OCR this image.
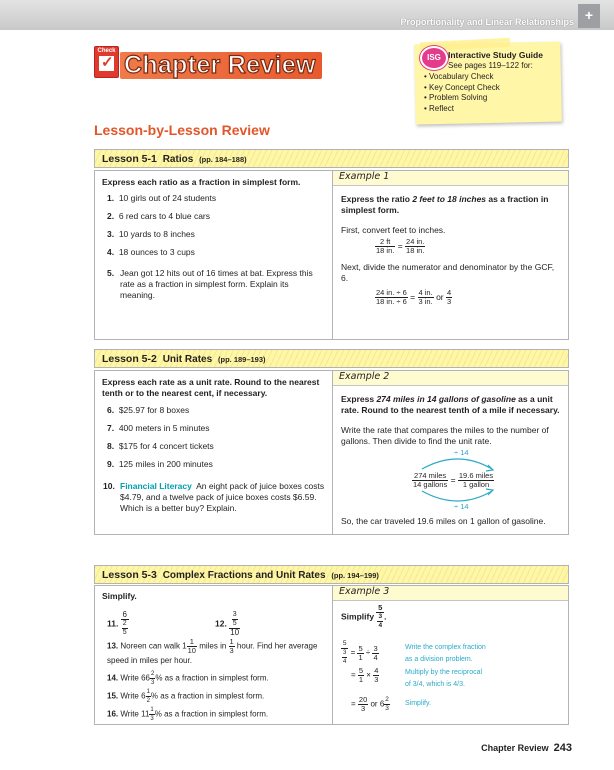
Proportionality and Linear Relationships +
Check
✓ Chapter Review	ISG Interactive Study Guide
See pages 119–122 for:
• Vocabulary Check
• Key Concept Check
• Problem Solving
• Reflect
Lesson-by-Lesson Review
Lesson 5-1 Ratios (pp. 184–188)
Example 1
Express each ratio as a fraction in simplest form.
1. 10 girls out of 24 students
2. 6 red cars to 4 blue cars
3. 10 yards to 8 inches
4. 18 ounces to 3 cups
5. Jean got 12 hits out of 16 times at bat. Express this rate as a fraction in simplest form. Explain its meaning.
Express the ratio 2 feet to 18 inches as a fraction in simplest form.
First, convert feet to inches.
$\frac{2 ft}{18 in.} = \frac{24 in.}{18 in.}$
Next, divide the numerator and denominator by the GCF, 6.
$\frac{24 in. \div 6}{18 in. \div 6} = \frac{4 in.}{3 in.}$ or $\frac{4}{3}$
Lesson 5-2 Unit Rates (pp. 189–193)
Example 2
Express each rate as a unit rate. Round to the nearest tenth or to the nearest cent, if necessary.
6. $25.97 for 8 boxes
7. 400 meters in 5 minutes
8. $175 for 4 concert tickets
9. 125 miles in 200 minutes
10. Financial Literacy An eight pack of juice boxes costs $4.79, and a twelve pack of juice boxes costs $6.59. Which is a better buy? Explain.
Express 274 miles in 14 gallons of gasoline as a unit rate. Round to the nearest tenth of a mile if necessary.
Write the rate that compares the miles to the number of gallons. Then divide to find the unit rate.
÷ 14
$\frac{\text{274 miles}}{\text{14 gallons}} = \frac{\text{19.6 miles}}{\text{1 gallon}}$
÷ 14
So, the car traveled 19.6 miles on 1 gallon of gasoline.
Lesson 5-3 Complex Fractions and Unit Rates (pp. 194–199)
Example 3
Simplify.
11. $\frac{6}{\frac{2}{5}}$	12. $\frac{\frac{3}{5}}{10}$
13. Noreen can walk $1 \frac{1}{10}$ miles in $\frac{1}{3}$ hour. Find her average speed in miles per hour.
14. Write $66 \frac{2}{3}$ % as a fraction in simplest form.
15. Write $6 \frac{1}{2}$ % as a fraction in simplest form.
16. Write $11 \frac{1}{3}$ % as a fraction in simplest form.
Simplify $\frac{5}{\frac{3}{4}}$ .
$\frac{5}{\frac{3}{4}} = \frac{5}{1} \div \frac{3}{4}$	Write the complex fraction
as a division problem.
= $\frac{5}{1} \times \frac{4}{3}$	Multiply by the reciprocal
of 3/4, which is 4/3.
= $\frac{20}{3}$ or $6 \frac{2}{3}$ Simplify.
Chapter Review 243
